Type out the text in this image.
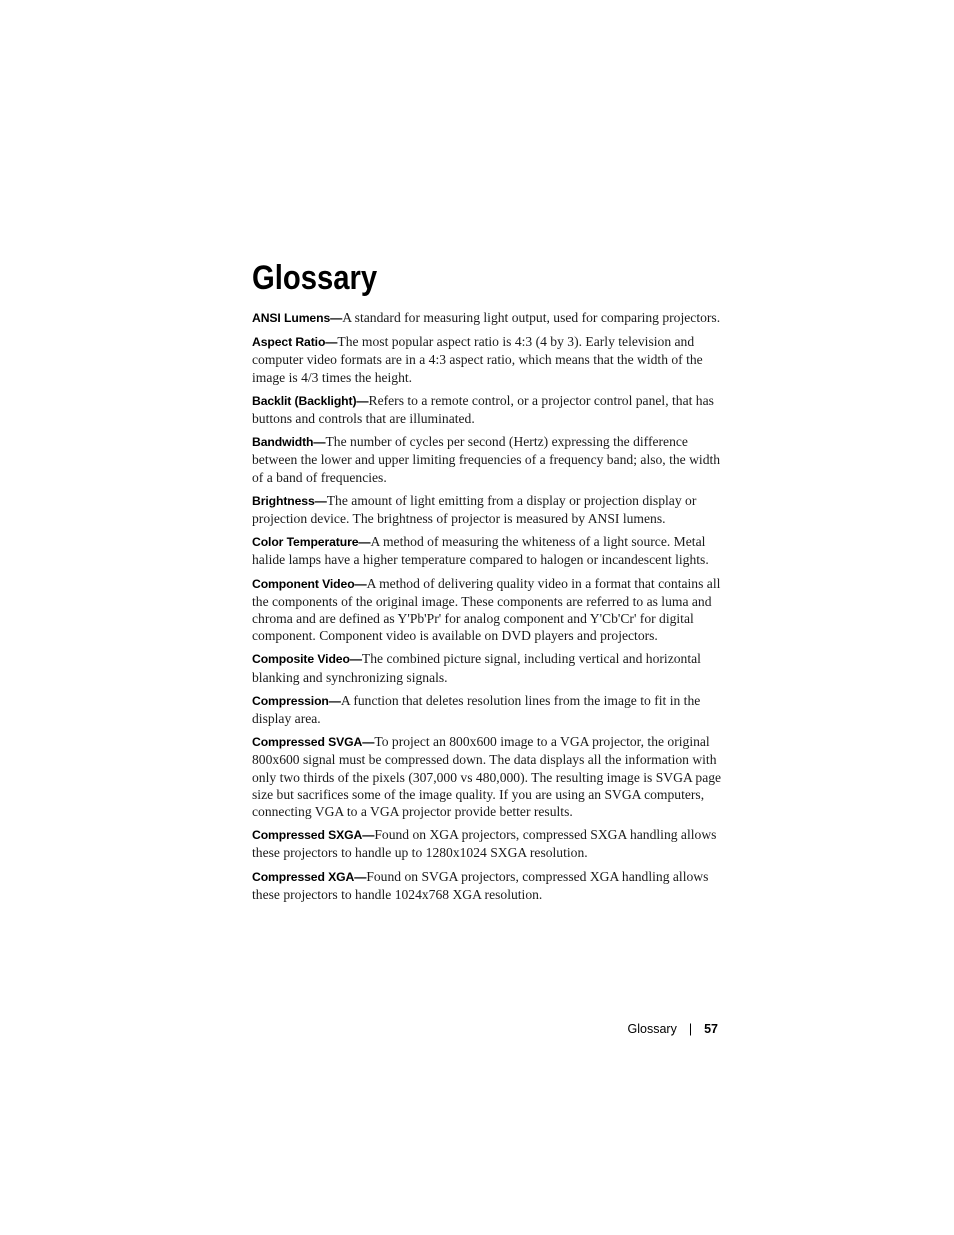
Glossary

ANSI Lumens—A standard for measuring light output, used for comparing projectors.

Aspect Ratio—The most popular aspect ratio is 4:3 (4 by 3). Early television and computer video formats are in a 4:3 aspect ratio, which means that the width of the image is 4/3 times the height.

Backlit (Backlight)—Refers to a remote control, or a projector control panel, that has buttons and controls that are illuminated.

Bandwidth—The number of cycles per second (Hertz) expressing the difference between the lower and upper limiting frequencies of a frequency band; also, the width of a band of frequencies.

Brightness—The amount of light emitting from a display or projection display or projection device. The brightness of projector is measured by ANSI lumens.

Color Temperature—A method of measuring the whiteness of a light source. Metal halide lamps have a higher temperature compared to halogen or incandescent lights.

Component Video—A method of delivering quality video in a format that contains all the components of the original image. These components are referred to as luma and chroma and are defined as Y'Pb'Pr' for analog component and Y'Cb'Cr' for digital component. Component video is available on DVD players and projectors.

Composite Video—The combined picture signal, including vertical and horizontal blanking and synchronizing signals.

Compression—A function that deletes resolution lines from the image to fit in the display area.

Compressed SVGA—To project an 800x600 image to a VGA projector, the original 800x600 signal must be compressed down. The data displays all the information with only two thirds of the pixels (307,000 vs 480,000). The resulting image is SVGA page size but sacrifices some of the image quality. If you are using an SVGA computers, connecting VGA to a VGA projector provide better results.

Compressed SXGA—Found on XGA projectors, compressed SXGA handling allows these projectors to handle up to 1280x1024 SXGA resolution.

Compressed XGA—Found on SVGA projectors, compressed XGA handling allows these projectors to handle 1024x768 XGA resolution.

Glossary | 57
